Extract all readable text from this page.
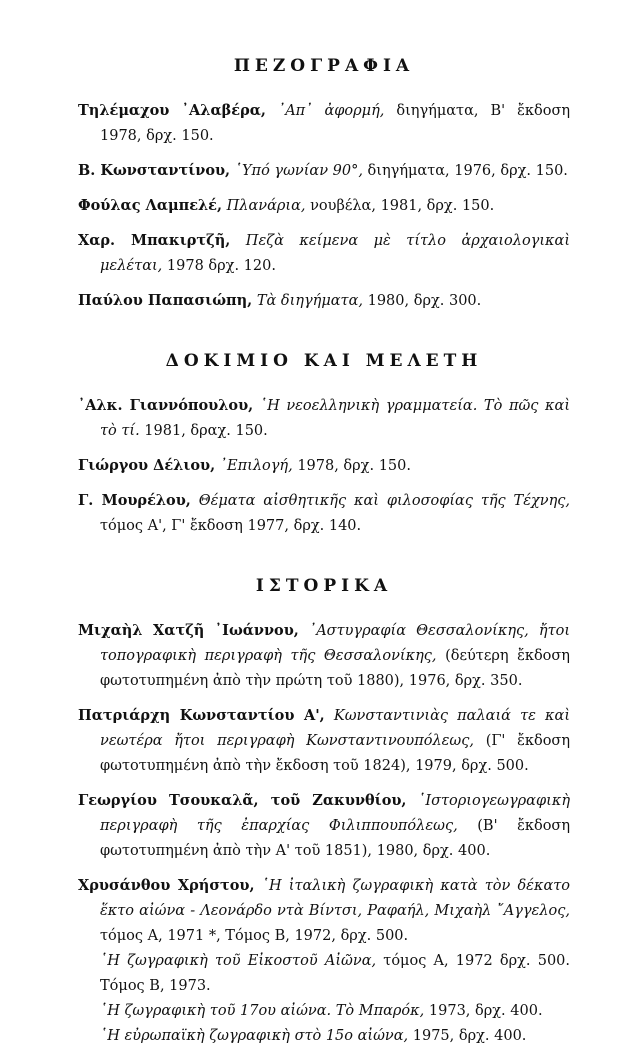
ΠΕΖΟΓΡΑΦΙΑ

Τηλέμαχου ᾿Αλαβέρα, ᾿Απ᾿ ἀφορμή, διηγήματα, Β' ἔκδοση 1978, δρχ. 150.

Β. Κωνσταντίνου, ῾Υπό γωνίαν 90°, διηγήματα, 1976, δρχ. 150.

Φούλας Λαμπελέ, Πλανάρια, νουβέλα, 1981, δρχ. 150.

Χαρ. Μπακιρτζῆ, Πεζὰ κείμενα μὲ τίτλο ἀρχαιολογικαὶ μελέται, 1978 δρχ. 120.

Παύλου Παπασιώπη, Τὰ διηγήματα, 1980, δρχ. 300.

ΔΟΚΙΜΙΟ ΚΑΙ ΜΕΛΕΤΗ

᾿Αλκ. Γιαννόπουλου, ῾Η νεοελληνικὴ γραμματεία. Τὸ πῶς καὶ τὸ τί. 1981, δραχ. 150.

Γιώργου Δέλιου, ᾿Επιλογή, 1978, δρχ. 150.

Γ. Μουρέλου, Θέματα αἰσθητικῆς καὶ φιλοσοφίας τῆς Τέχνης, τόμος Α', Γ' ἔκδοση 1977, δρχ. 140.

ΙΣΤΟΡΙΚΑ

Μιχαὴλ Χατζῆ ᾿Ιωάννου, ᾿Αστυγραφία Θεσσαλονίκης, ἤτοι τοπογραφικὴ περιγραφὴ τῆς Θεσσαλονίκης, (δεύτερη ἔκδοση φωτοτυπημένη ἀπὸ τὴν πρώτη τοῦ 1880), 1976, δρχ. 350.

Πατριάρχη Κωνσταντίου Α', Κωνσταντινιὰς παλαιά τε καὶ νεωτέρα ἤτοι περιγραφὴ Κωνσταντινουπόλεως, (Γ' ἔκδοση φωτοτυπημένη ἀπὸ τὴν ἔκδοση τοῦ 1824), 1979, δρχ. 500.

Γεωργίου Τσουκαλᾶ, τοῦ Ζακυνθίου, ῾Ιστοριογεωγραφικὴ περιγραφὴ τῆς ἐπαρχίας Φιλιππουπόλεως, (Β' ἔκδοση φωτοτυπημένη ἀπὸ τὴν Α' τοῦ 1851), 1980, δρχ. 400.

Χρυσάνθου Χρήστου, ῾Η ἰταλικὴ ζωγραφικὴ κατὰ τὸν δέκατο ἕκτο αἰώνα - Λεονάρδο ντὰ Βίντσι, Ραφαήλ, Μιχαὴλ ῎Αγγελος, τόμος Α, 1971 *, Τόμος Β, 1972, δρχ. 500.
῾Η ζωγραφικὴ τοῦ Εἰκοστοῦ Αἰῶνα, τόμος Α, 1972 δρχ. 500. Τόμος Β, 1973.
῾Η ζωγραφικὴ τοῦ 17ου αἰώνα. Τὸ Μπαρόκ, 1973, δρχ. 400.
῾Η εὐρωπαϊκὴ ζωγραφικὴ στὸ 15ο αἰώνα, 1975, δρχ. 400.
